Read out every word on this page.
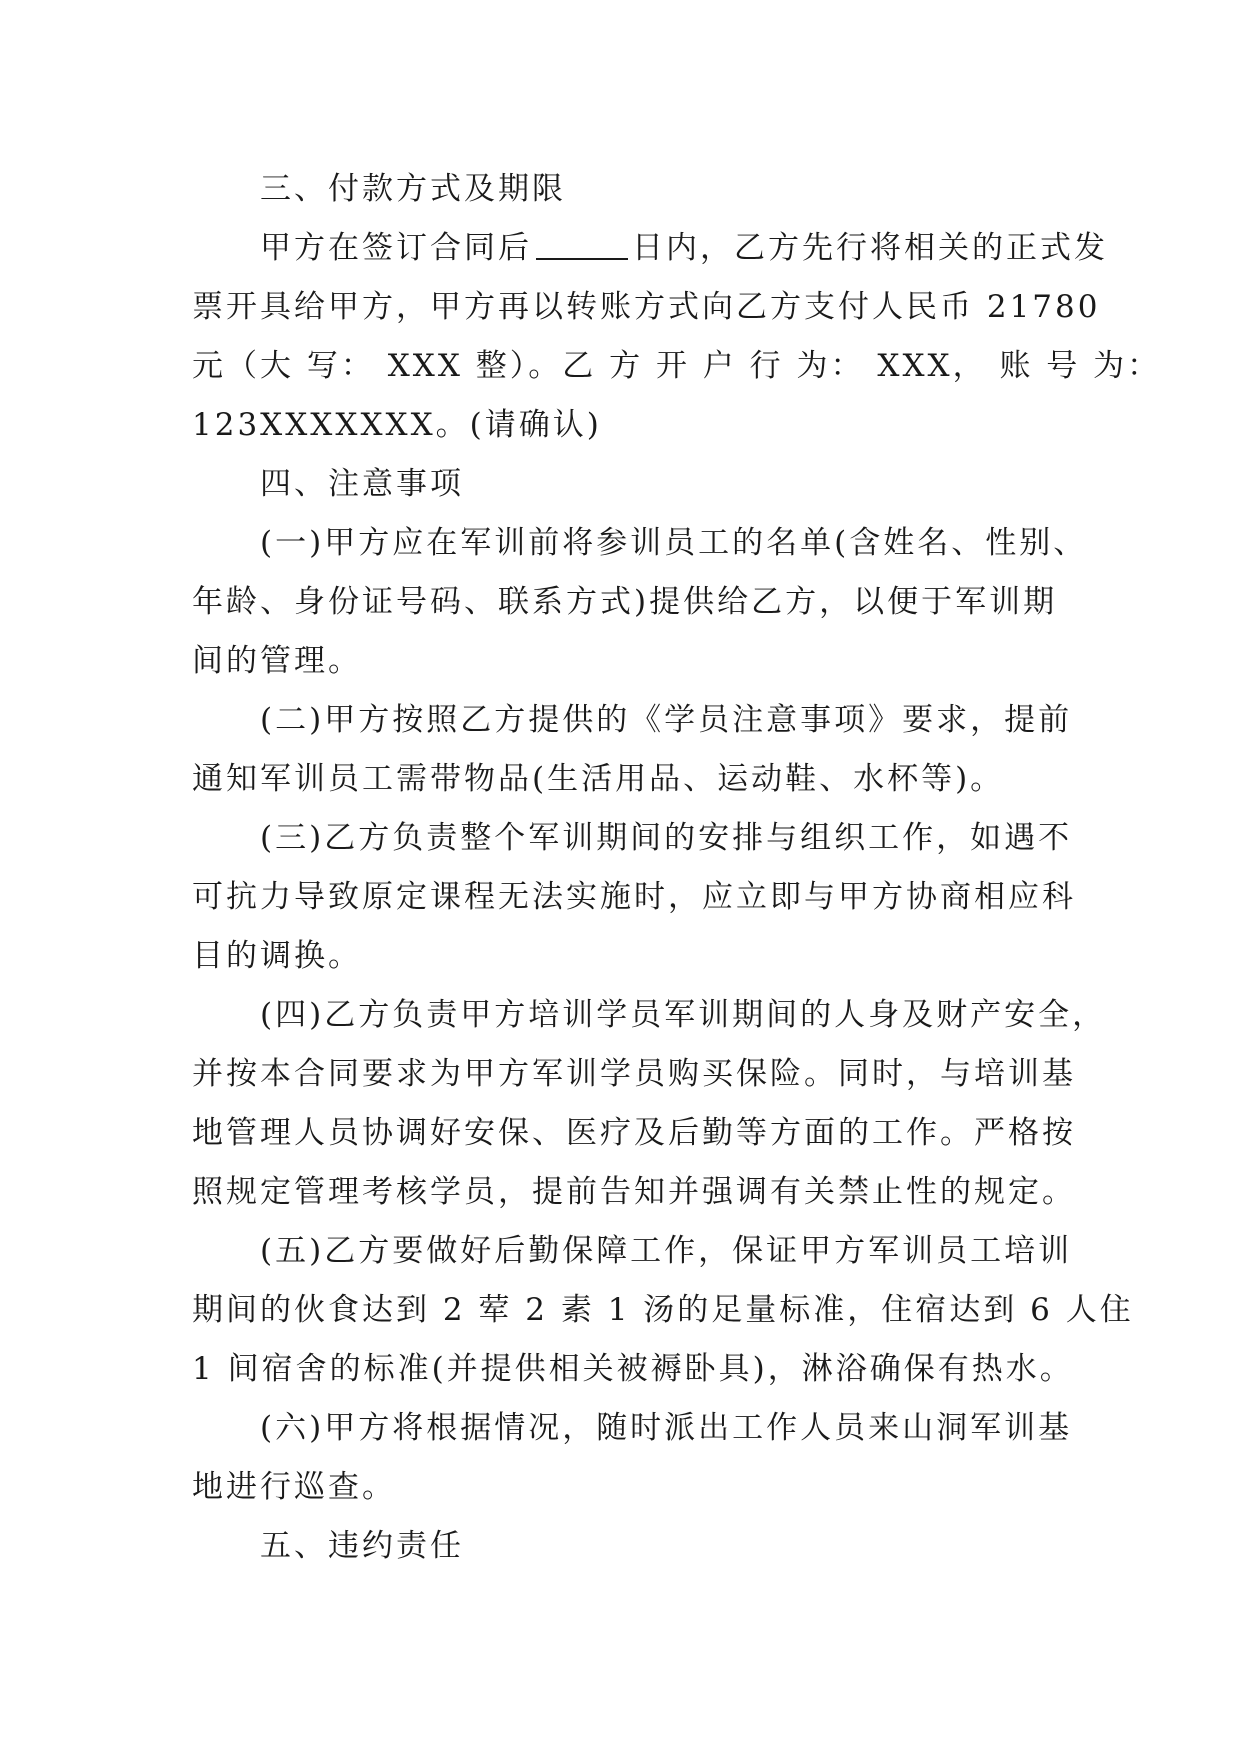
三、付款方式及期限
甲方在签订合同后	日内，乙方先行将相关的正式发
票开具给甲方，甲方再以转账方式向乙方支付人民币 21780
元（大 写： XXX 整）。乙 方 开 户 行 为： XXX， 账 号 为：
123XXXXXXX。(请确认)
四、注意事项
(一)甲方应在军训前将参训员工的名单(含姓名、性别、
年龄、身份证号码、联系方式)提供给乙方，以便于军训期
间的管理。
(二)甲方按照乙方提供的《学员注意事项》要求，提前
通知军训员工需带物品(生活用品、运动鞋、水杯等)。
(三)乙方负责整个军训期间的安排与组织工作，如遇不
可抗力导致原定课程无法实施时，应立即与甲方协商相应科
目的调换。
(四)乙方负责甲方培训学员军训期间的人身及财产安全，
并按本合同要求为甲方军训学员购买保险。同时，与培训基
地管理人员协调好安保、医疗及后勤等方面的工作。严格按
照规定管理考核学员，提前告知并强调有关禁止性的规定。
(五)乙方要做好后勤保障工作，保证甲方军训员工培训
期间的伙食达到 2 荤 2 素 1 汤的足量标准，住宿达到 6 人住
1 间宿舍的标准(并提供相关被褥卧具)，淋浴确保有热水。
(六)甲方将根据情况，随时派出工作人员来山洞军训基
地进行巡查。
五、违约责任
